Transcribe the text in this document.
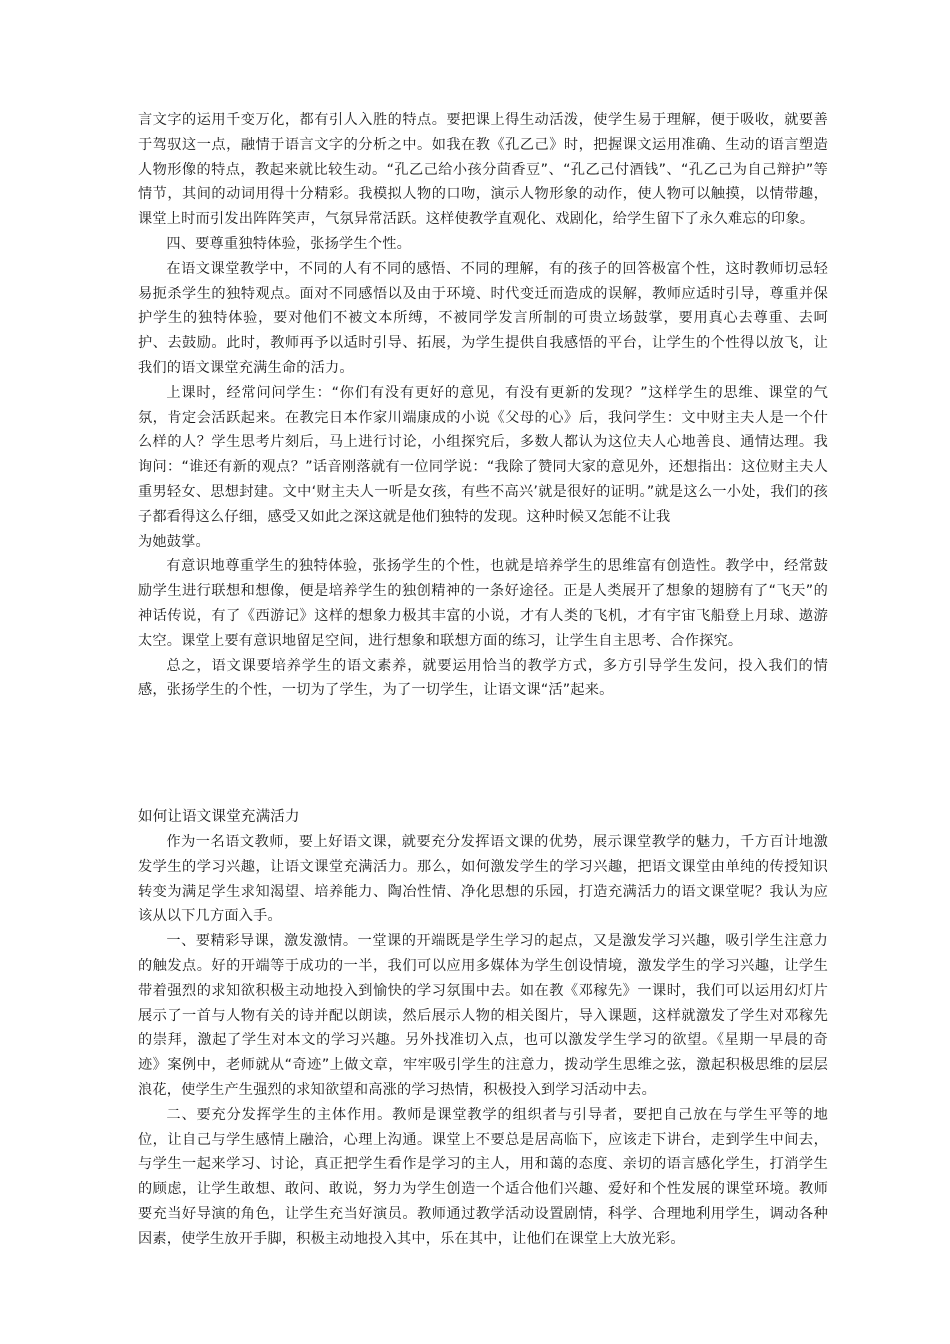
言文字的运用千变万化，都有引人入胜的特点。要把课上得生动活泼，使学生易于理解，便于吸收，就要善于驾驭这一点，融情于语言文字的分析之中。如我在教《孔乙己》时，把握课文运用准确、生动的语言塑造人物形像的特点，教起来就比较生动。“孔乙己给小孩分茴香豆”、“孔乙己付酒钱”、“孔乙己为自己辩护”等情节，其间的动词用得十分精彩。我模拟人物的口吻，演示人物形象的动作，使人物可以触摸，以情带趣，课堂上时而引发出阵阵笑声，气氛异常活跃。这样使教学直观化、戏剧化，给学生留下了永久难忘的印象。

四、要尊重独特体验，张扬学生个性。

在语文课堂教学中，不同的人有不同的感悟、不同的理解，有的孩子的回答极富个性，这时教师切忌轻易扼杀学生的独特观点。面对不同感悟以及由于环境、时代变迁而造成的误解，教师应适时引导，尊重并保护学生的独特体验，要对他们不被文本所缚，不被同学发言所制的可贵立场鼓掌，要用真心去尊重、去呵护、去鼓励。此时，教师再予以适时引导、拓展，为学生提供自我感悟的平台，让学生的个性得以放飞，让我们的语文课堂充满生命的活力。

上课时，经常问问学生：“你们有没有更好的意见，有没有更新的发现？”这样学生的思维、课堂的气氛，肯定会活跃起来。在教完日本作家川端康成的小说《父母的心》后，我问学生：文中财主夫人是一个什么样的人？学生思考片刻后，马上进行讨论，小组探究后，多数人都认为这位夫人心地善良、通情达理。我询问：“谁还有新的观点？”话音刚落就有一位同学说：“我除了赞同大家的意见外，还想指出：这位财主夫人重男轻女、思想封建。文中‘财主夫人一听是女孩，有些不高兴’就是很好的证明。”就是这么一小处，我们的孩子都看得这么仔细，感受又如此之深这就是他们独特的发现。这种时候又怎能不让我

为她鼓掌。

有意识地尊重学生的独特体验，张扬学生的个性，也就是培养学生的思维富有创造性。教学中，经常鼓励学生进行联想和想像，便是培养学生的独创精神的一条好途径。正是人类展开了想象的翅膀有了“飞天”的神话传说，有了《西游记》这样的想象力极其丰富的小说，才有人类的飞机，才有宇宙飞船登上月球、遨游太空。课堂上要有意识地留足空间，进行想象和联想方面的练习，让学生自主思考、合作探究。

总之，语文课要培养学生的语文素养，就要运用恰当的教学方式，多方引导学生发问，投入我们的情感，张扬学生的个性，一切为了学生，为了一切学生，让语文课“活”起来。

如何让语文课堂充满活力

作为一名语文教师，要上好语文课，就要充分发挥语文课的优势，展示课堂教学的魅力，千方百计地激发学生的学习兴趣，让语文课堂充满活力。那么，如何激发学生的学习兴趣，把语文课堂由单纯的传授知识转变为满足学生求知渴望、培养能力、陶冶性情、净化思想的乐园，打造充满活力的语文课堂呢？我认为应该从以下几方面入手。

一、要精彩导课，激发激情。一堂课的开端既是学生学习的起点，又是激发学习兴趣，吸引学生注意力的触发点。好的开端等于成功的一半，我们可以应用多媒体为学生创设情境，激发学生的学习兴趣，让学生带着强烈的求知欲积极主动地投入到愉快的学习氛围中去。如在教《邓稼先》一课时，我们可以运用幻灯片展示了一首与人物有关的诗并配以朗读，然后展示人物的相关图片，导入课题，这样就激发了学生对邓稼先的崇拜，激起了学生对本文的学习兴趣。另外找准切入点，也可以激发学生学习的欲望。《星期一早晨的奇迹》案例中，老师就从“奇迹”上做文章，牢牢吸引学生的注意力，拨动学生思维之弦，激起积极思维的层层浪花，使学生产生强烈的求知欲望和高涨的学习热情，积极投入到学习活动中去。

二、要充分发挥学生的主体作用。教师是课堂教学的组织者与引导者，要把自己放在与学生平等的地位，让自己与学生感情上融洽，心理上沟通。课堂上不要总是居高临下，应该走下讲台，走到学生中间去，与学生一起来学习、讨论，真正把学生看作是学习的主人，用和蔼的态度、亲切的语言感化学生，打消学生的顾虑，让学生敢想、敢问、敢说，努力为学生创造一个适合他们兴趣、爱好和个性发展的课堂环境。教师要充当好导演的角色，让学生充当好演员。教师通过教学活动设置剧情，科学、合理地利用学生，调动各种因素，使学生放开手脚，积极主动地投入其中，乐在其中，让他们在课堂上大放光彩。
